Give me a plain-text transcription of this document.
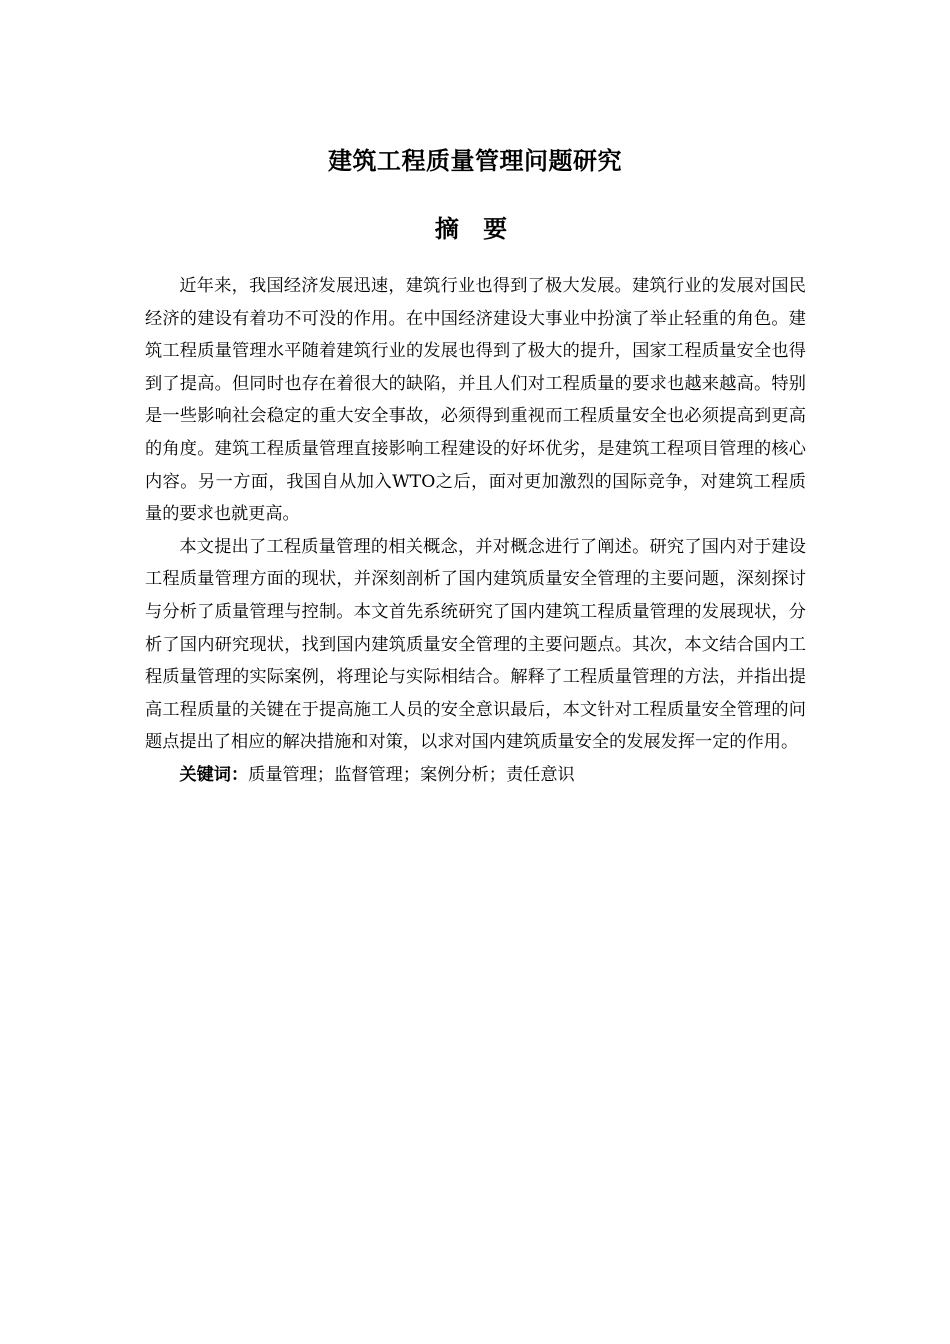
建筑工程质量管理问题研究
摘 要

近年来，我国经济发展迅速，建筑行业也得到了极大发展。建筑行业的发展对国民经济的建设有着功不可没的作用。在中国经济建设大事业中扮演了举止轻重的角色。建筑工程质量管理水平随着建筑行业的发展也得到了极大的提升，国家工程质量安全也得到了提高。但同时也存在着很大的缺陷，并且人们对工程质量的要求也越来越高。特别是一些影响社会稳定的重大安全事故，必须得到重视而工程质量安全也必须提高到更高的角度。建筑工程质量管理直接影响工程建设的好坏优劣，是建筑工程项目管理的核心内容。另一方面，我国自从加入WTO之后，面对更加激烈的国际竞争，对建筑工程质量的要求也就更高。

本文提出了工程质量管理的相关概念，并对概念进行了阐述。研究了国内对于建设工程质量管理方面的现状，并深刻剖析了国内建筑质量安全管理的主要问题，深刻探讨与分析了质量管理与控制。本文首先系统研究了国内建筑工程质量管理的发展现状，分析了国内研究现状，找到国内建筑质量安全管理的主要问题点。其次，本文结合国内工程质量管理的实际案例，将理论与实际相结合。解释了工程质量管理的方法，并指出提高工程质量的关键在于提高施工人员的安全意识最后，本文针对工程质量安全管理的问题点提出了相应的解决措施和对策，以求对国内建筑质量安全的发展发挥一定的作用。

关键词：质量管理；监督管理；案例分析；责任意识
